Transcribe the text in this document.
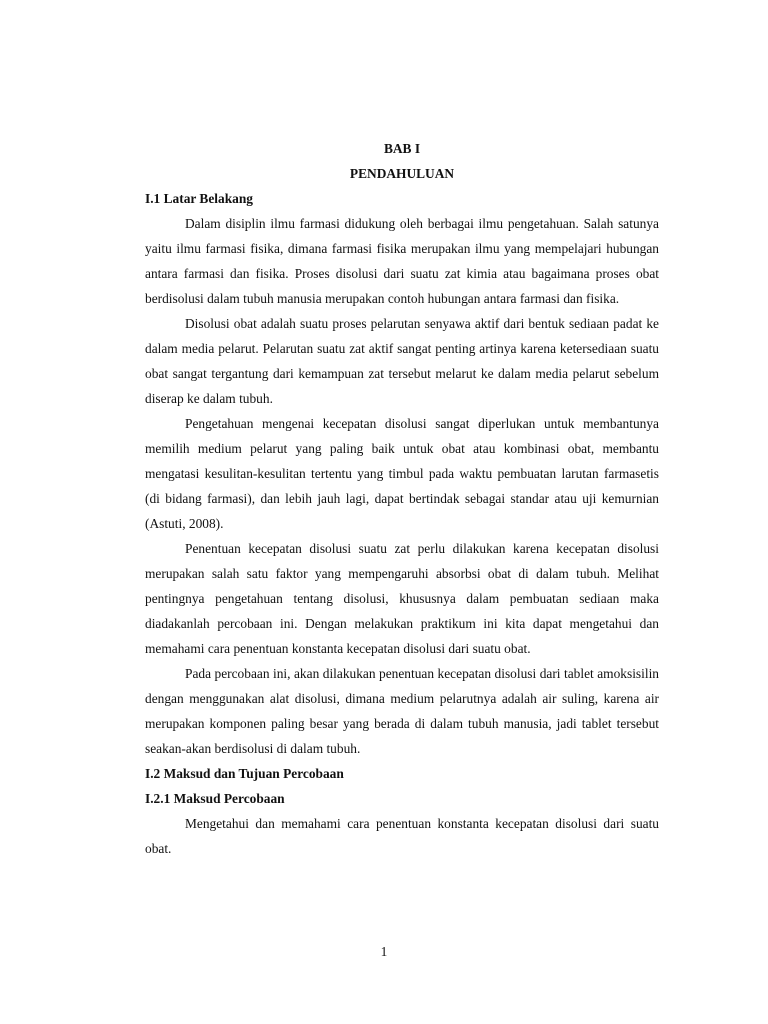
BAB I
PENDAHULUAN
I.1 Latar Belakang

Dalam disiplin ilmu farmasi didukung oleh berbagai ilmu pengetahuan. Salah satunya yaitu ilmu farmasi fisika, dimana farmasi fisika merupakan ilmu yang mempelajari hubungan antara farmasi dan fisika. Proses disolusi dari suatu zat kimia atau bagaimana proses obat berdisolusi dalam tubuh manusia merupakan contoh hubungan antara farmasi dan fisika.

Disolusi obat adalah suatu proses pelarutan senyawa aktif dari bentuk sediaan padat ke dalam media pelarut. Pelarutan suatu zat aktif sangat penting artinya karena ketersediaan suatu obat sangat tergantung dari kemampuan zat tersebut melarut ke dalam media pelarut sebelum diserap ke dalam tubuh.

Pengetahuan mengenai kecepatan disolusi sangat diperlukan untuk membantunya memilih medium pelarut yang paling baik untuk obat atau kombinasi obat, membantu mengatasi kesulitan-kesulitan tertentu yang timbul pada waktu pembuatan larutan farmasetis (di bidang farmasi), dan lebih jauh lagi, dapat bertindak sebagai standar atau uji kemurnian (Astuti, 2008).

Penentuan kecepatan disolusi suatu zat perlu dilakukan karena kecepatan disolusi merupakan salah satu faktor yang mempengaruhi absorbsi obat di dalam tubuh. Melihat pentingnya pengetahuan tentang disolusi, khususnya dalam pembuatan sediaan maka diadakanlah percobaan ini. Dengan melakukan praktikum ini kita dapat mengetahui dan memahami cara penentuan konstanta kecepatan disolusi dari suatu obat.

Pada percobaan ini, akan dilakukan penentuan kecepatan disolusi dari tablet amoksisilin dengan menggunakan alat disolusi, dimana medium pelarutnya adalah air suling, karena air merupakan komponen paling besar yang berada di dalam tubuh manusia, jadi tablet tersebut seakan-akan berdisolusi di dalam tubuh.

I.2 Maksud dan Tujuan Percobaan
I.2.1 Maksud Percobaan

Mengetahui dan memahami cara penentuan konstanta kecepatan disolusi dari suatu obat.

1
